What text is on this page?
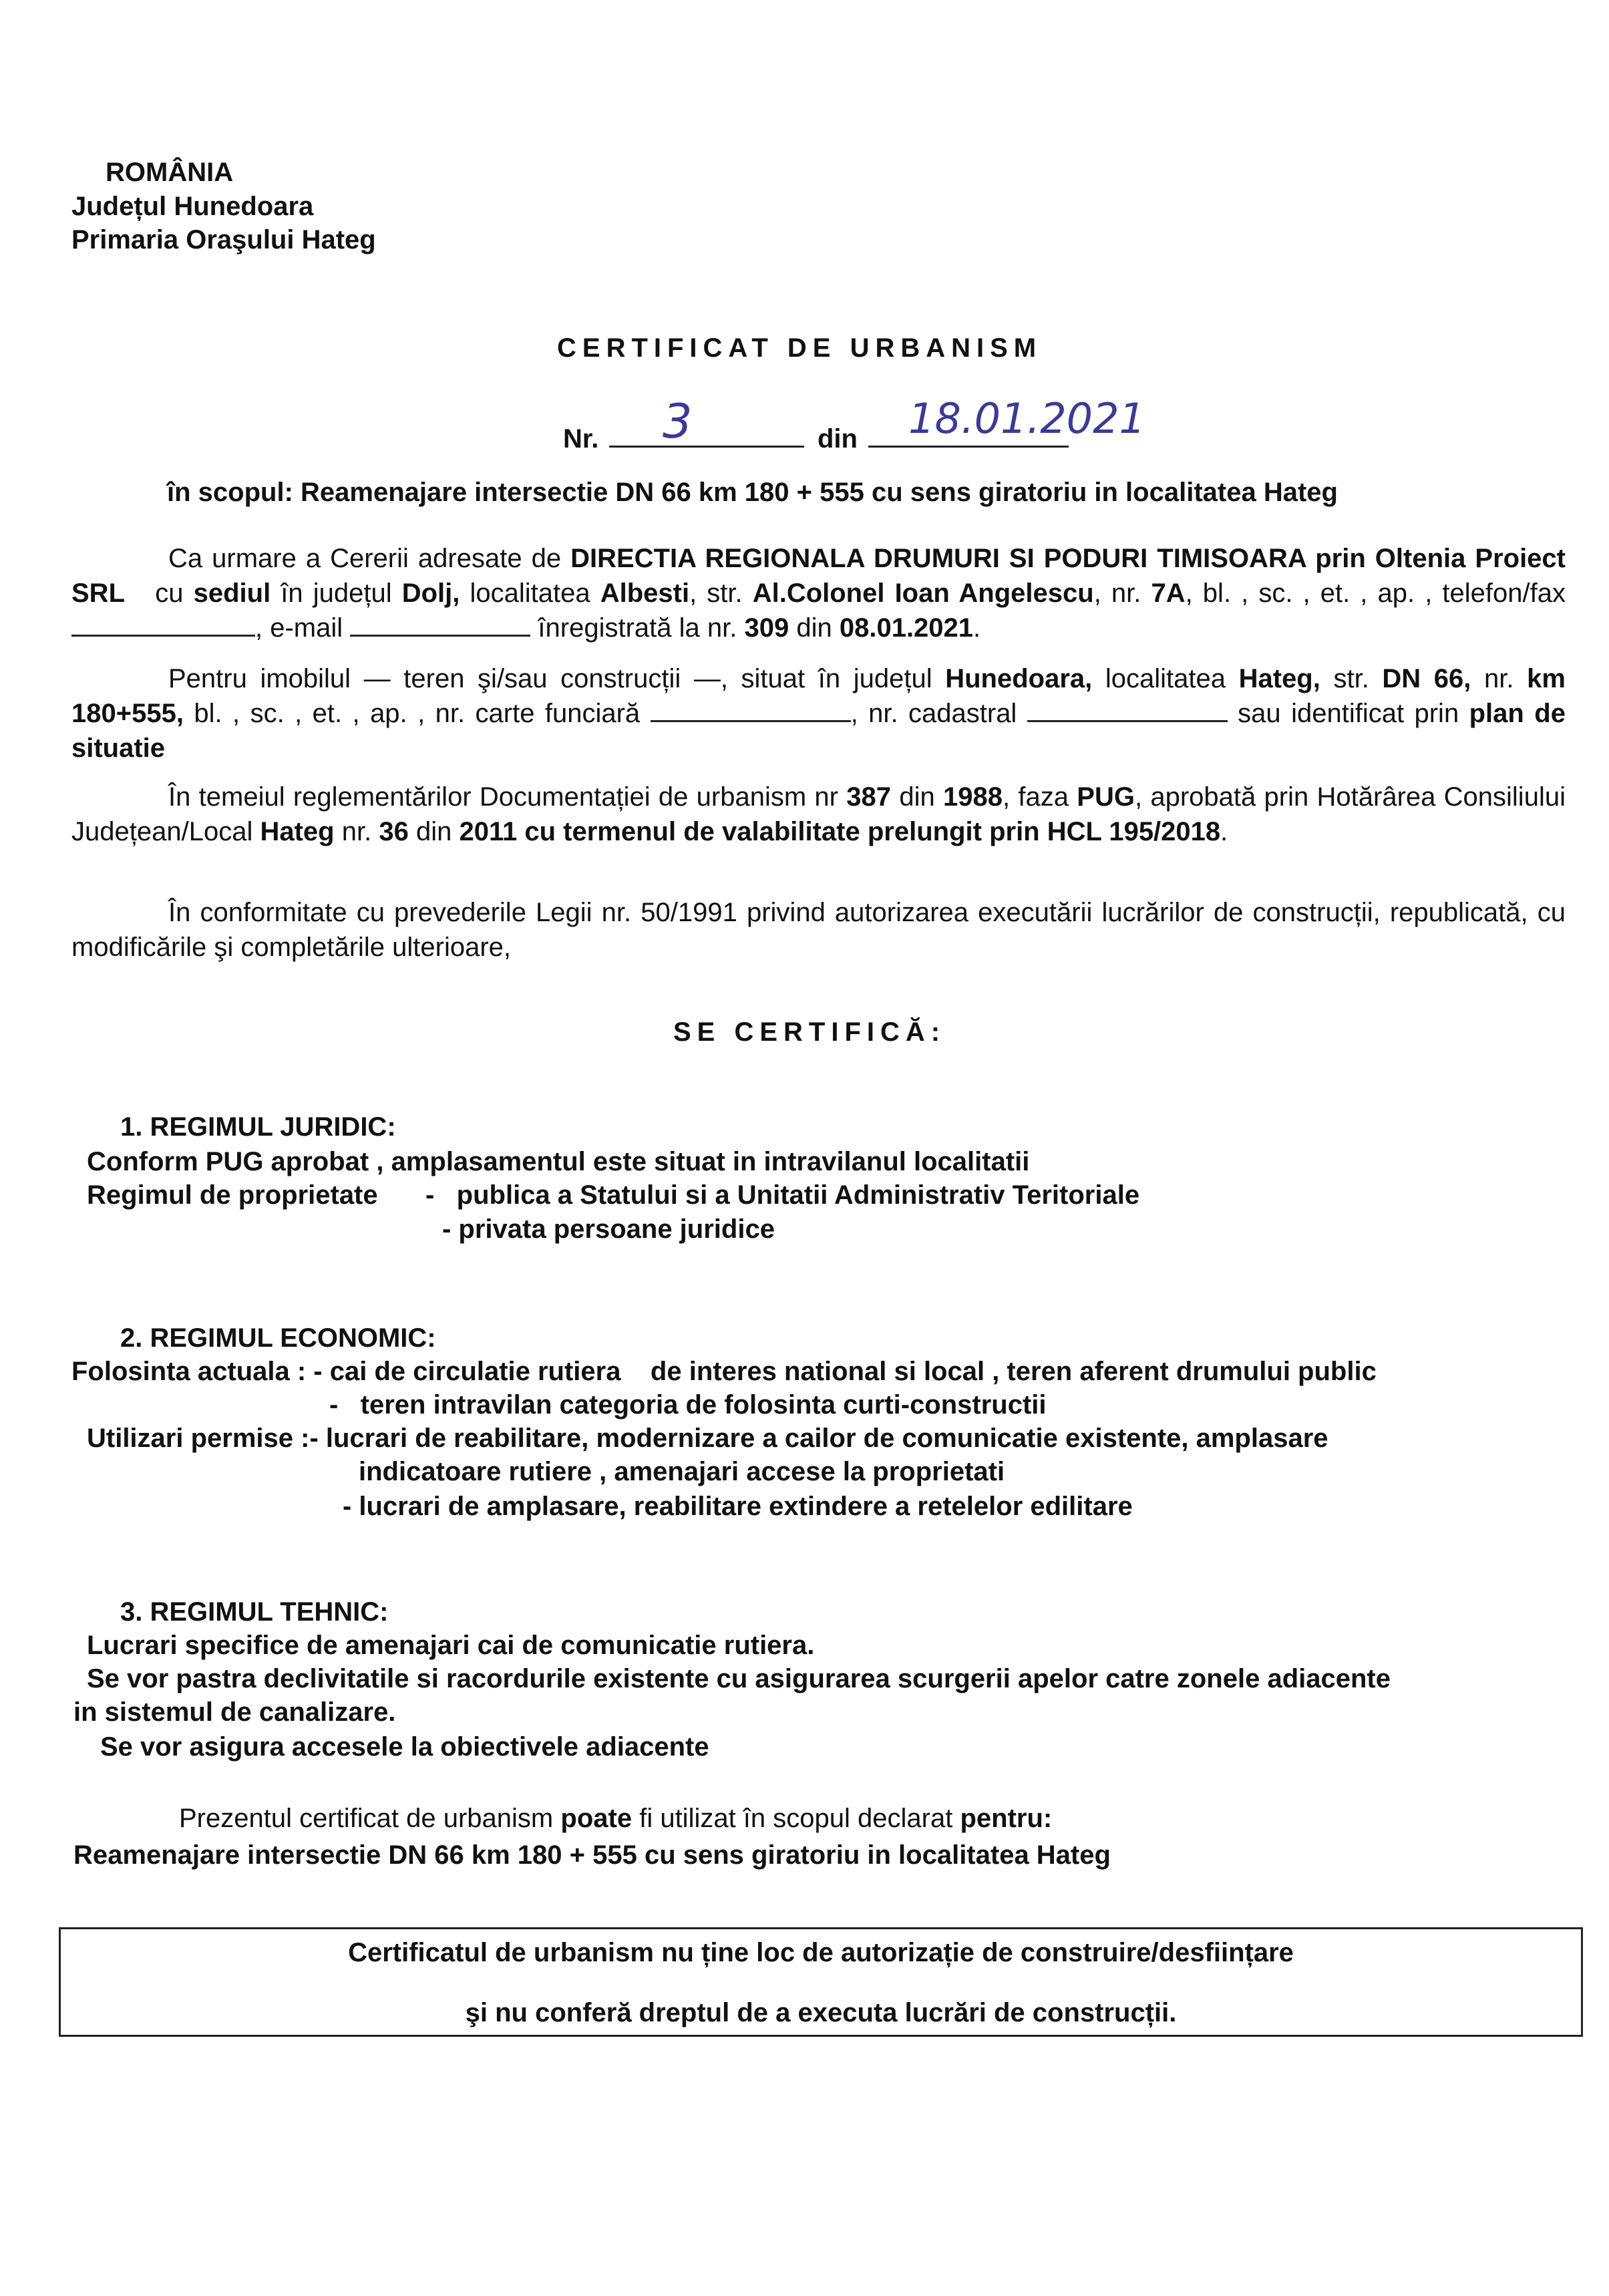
ROMÂNIA
Județul Hunedoara
Primaria Oraşului Hateg
CERTIFICAT DE URBANISM
Nr. 3	din 18.01.2021
în scopul: Reamenajare intersectie DN 66 km 180 + 555 cu sens giratoriu in localitatea Hateg
Ca urmare a Cererii adresate de DIRECTIA REGIONALA DRUMURI SI PODURI TIMISOARA prin Oltenia Proiect SRL cu sediul în județul Dolj, localitatea Albesti, str. Al.Colonel Ioan Angelescu, nr. 7A, bl. , sc. , et. , ap. , telefon/fax , e-mail	înregistrată la nr. 309 din 08.01.2021.
Pentru imobilul — teren şi/sau construcții —, situat în județul Hunedoara, localitatea Hateg, str. DN 66, nr. km 180+555, bl. , sc. , et. , ap. , nr. carte funciară	, nr. cadastral	sau identificat prin plan de situatie
În temeiul reglementărilor Documentației de urbanism nr 387 din 1988, faza PUG, aprobată prin Hotărârea Consiliului Județean/Local Hateg nr. 36 din 2011 cu termenul de valabilitate prelungit prin HCL 195/2018.
În conformitate cu prevederile Legii nr. 50/1991 privind autorizarea executării lucrărilor de construcții, republicată, cu modificările şi completările ulterioare,
SE CERTIFICĂ:
1. REGIMUL JURIDIC:
Conform PUG aprobat , amplasamentul este situat in intravilanul localitatii
Regimul de proprietate -   publica a Statului si a Unitatii Administrativ Teritoriale
- privata persoane juridice
2. REGIMUL ECONOMIC:
Folosinta actuala : - cai de circulatie rutiera    de interes national si local , teren aferent drumului public
-   teren intravilan categoria de folosinta curti-constructii
Utilizari permise :- lucrari de reabilitare, modernizare a cailor de comunicatie existente, amplasare
indicatoare rutiere , amenajari accese la proprietati
- lucrari de amplasare, reabilitare extindere a retelelor edilitare
3. REGIMUL TEHNIC:
Lucrari specifice de amenajari cai de comunicatie rutiera.
Se vor pastra declivitatile si racordurile existente cu asigurarea scurgerii apelor catre zonele adiacente
in sistemul de canalizare.
Se vor asigura accesele la obiectivele adiacente
Prezentul certificat de urbanism poate fi utilizat în scopul declarat pentru:
Reamenajare intersectie DN 66 km 180 + 555 cu sens giratoriu in localitatea Hateg
Certificatul de urbanism nu ține loc de autorizație de construire/desființare
şi nu conferă dreptul de a executa lucrări de construcții.
